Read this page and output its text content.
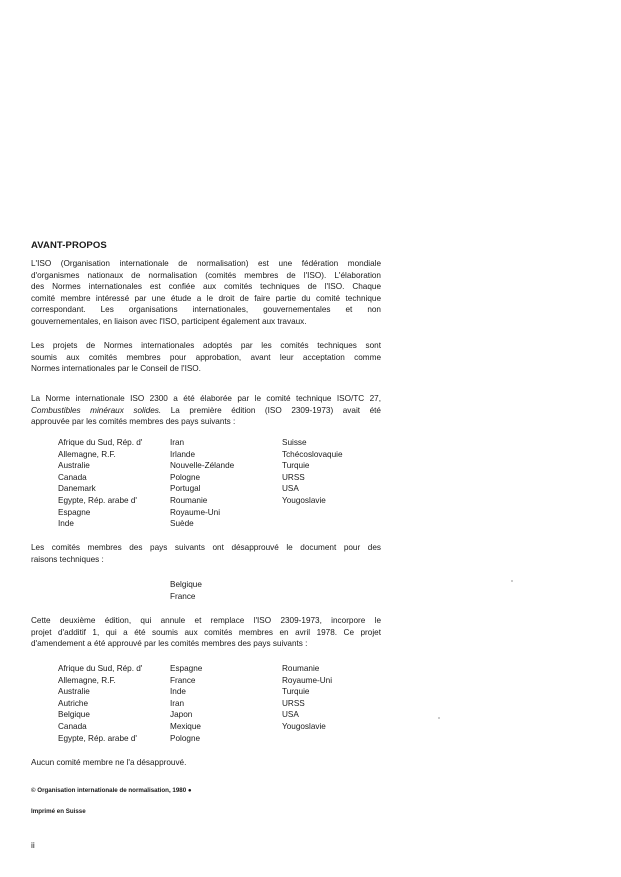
AVANT-PROPOS
L'ISO (Organisation internationale de normalisation) est une fédération mondiale
d'organismes nationaux de normalisation (comités membres de l'ISO). L'élaboration
des Normes internationales est confiée aux comités techniques de l'ISO. Chaque
comité membre intéressé par une étude a le droit de faire partie du comité technique
correspondant. Les organisations internationales, gouvernementales et non
gouvernementales, en liaison avec l'ISO, participent également aux travaux.
Les projets de Normes internationales adoptés par les comités techniques sont
soumis aux comités membres pour approbation, avant leur acceptation comme
Normes internationales par le Conseil de l'ISO.
La Norme internationale ISO 2300 a été élaborée par le comité technique ISO/TC 27,
Combustibles minéraux solides. La première édition (ISO 2309-1973) avait été
approuvée par les comités membres des pays suivants :
Afrique du Sud, Rép. d'
Allemagne, R.F.
Australie
Canada
Danemark
Egypte, Rép. arabe d'
Espagne
Inde
Iran
Irlande
Nouvelle-Zélande
Pologne
Portugal
Roumanie
Royaume-Uni
Suède
Suisse
Tchécoslovaquie
Turquie
URSS
USA
Yougoslavie
Les comités membres des pays suivants ont désapprouvé le document pour des
raisons techniques :
Belgique
France
Cette deuxième édition, qui annule et remplace l'ISO 2309-1973, incorpore le
projet d'additif 1, qui a été soumis aux comités membres en avril 1978. Ce projet
d'amendement a été approuvé par les comités membres des pays suivants :
Afrique du Sud, Rép. d'
Allemagne, R.F.
Australie
Autriche
Belgique
Canada
Egypte, Rép. arabe d'
Espagne
France
Inde
Iran
Japon
Mexique
Pologne
Roumanie
Royaume-Uni
Turquie
URSS
USA
Yougoslavie
Aucun comité membre ne l'a désapprouvé.
© Organisation internationale de normalisation, 1980 ●
Imprimé en Suisse
ii
